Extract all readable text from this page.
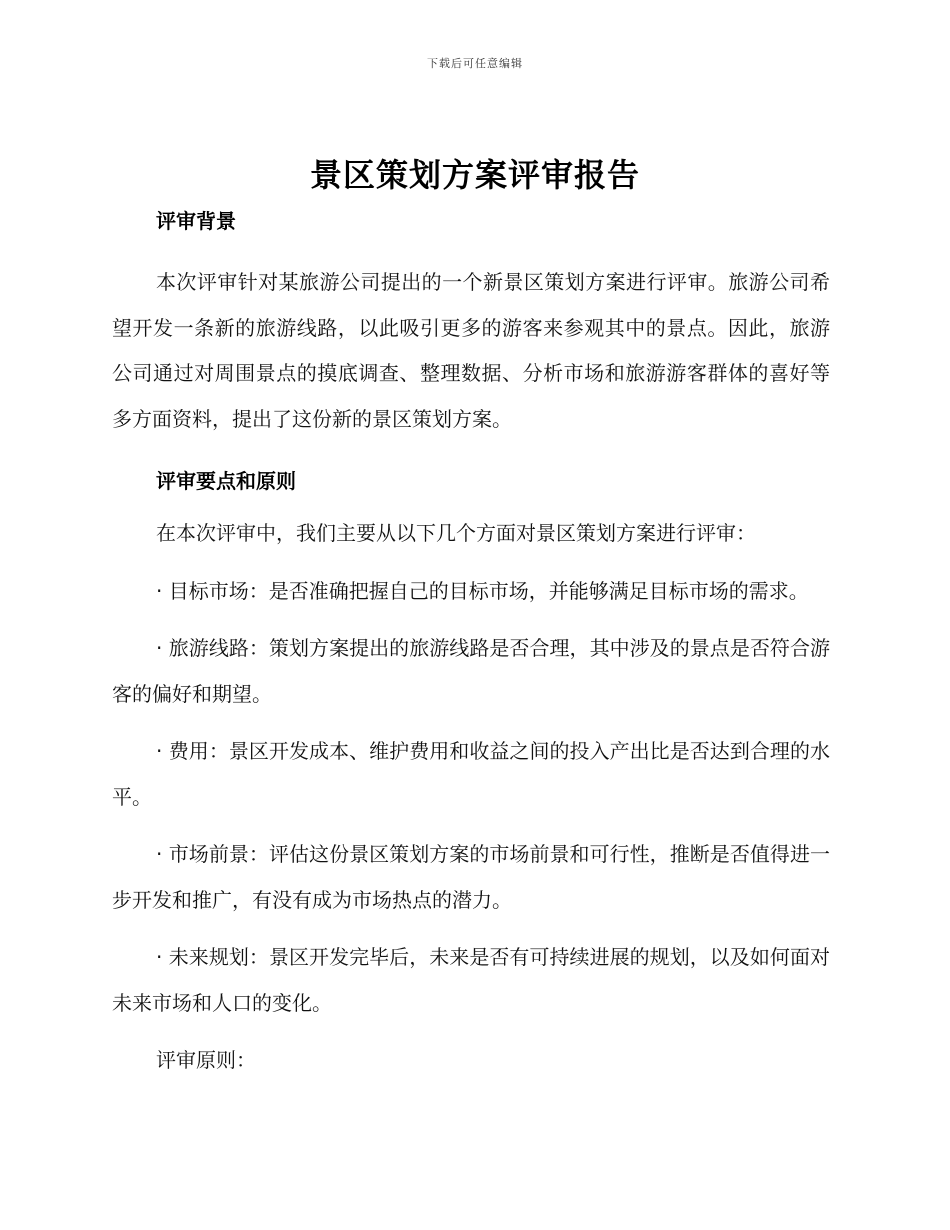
下载后可任意编辑
景区策划方案评审报告

评审背景

本次评审针对某旅游公司提出的一个新景区策划方案进行评审。旅游公司希望开发一条新的旅游线路，以此吸引更多的游客来参观其中的景点。因此，旅游公司通过对周围景点的摸底调查、整理数据、分析市场和旅游游客群体的喜好等多方面资料，提出了这份新的景区策划方案。

评审要点和原则

在本次评审中，我们主要从以下几个方面对景区策划方案进行评审：

· 目标市场：是否准确把握自己的目标市场，并能够满足目标市场的需求。

· 旅游线路：策划方案提出的旅游线路是否合理，其中涉及的景点是否符合游客的偏好和期望。

· 费用：景区开发成本、维护费用和收益之间的投入产出比是否达到合理的水平。

· 市场前景：评估这份景区策划方案的市场前景和可行性，推断是否值得进一步开发和推广，有没有成为市场热点的潜力。

· 未来规划：景区开发完毕后，未来是否有可持续进展的规划，以及如何面对未来市场和人口的变化。

评审原则：
